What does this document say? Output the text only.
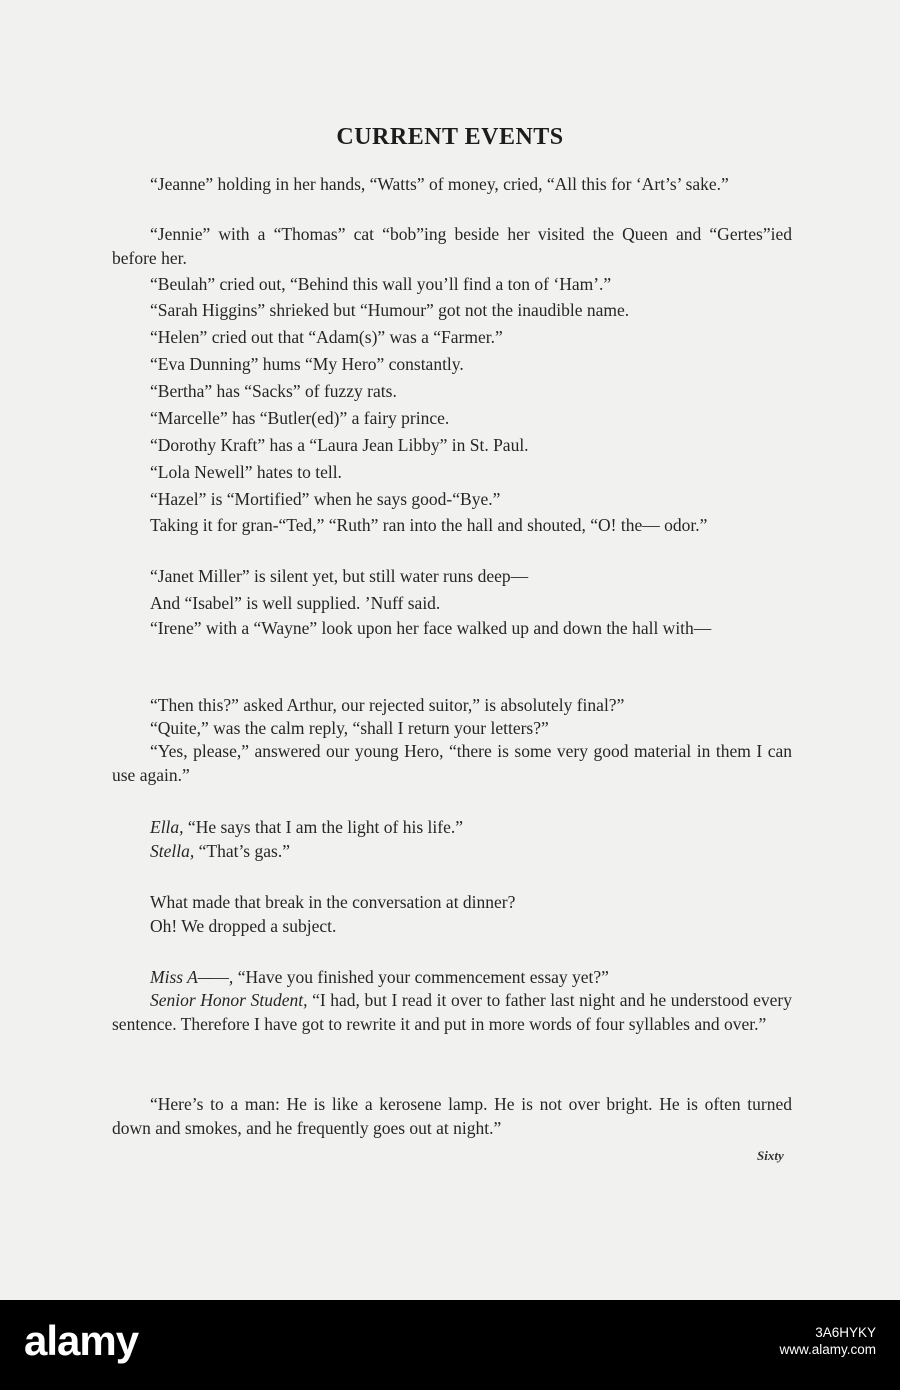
CURRENT EVENTS

“Jeanne” holding in her hands, “Watts” of money, cried, “All this for ‘Art’s’ sake.”

“Jennie” with a “Thomas” cat “bob”ing beside her visited the Queen and “Gertes”ied before her.

“Beulah” cried out, “Behind this wall you’ll find a ton of ‘Ham’.”

“Sarah Higgins” shrieked but “Humour” got not the inaudible name.

“Helen” cried out that “Adam(s)” was a “Farmer.”

“Eva Dunning” hums “My Hero” constantly.

“Bertha” has “Sacks” of fuzzy rats.

“Marcelle” has “Butler(ed)” a fairy prince.

“Dorothy Kraft” has a “Laura Jean Libby” in St. Paul.

“Lola Newell” hates to tell.

“Hazel” is “Mortified” when he says good-“Bye.”

Taking it for gran-“Ted,” “Ruth” ran into the hall and shouted, “O! the— odor.”

“Janet Miller” is silent yet, but still water runs deep—

And “Isabel” is well supplied. ’Nuff said.

“Irene” with a “Wayne” look upon her face walked up and down the hall with—

“Then this?” asked Arthur, our rejected suitor,” is absolutely final?”

“Quite,” was the calm reply, “shall I return your letters?”

“Yes, please,” answered our young Hero, “there is some very good material in them I can use again.”

Ella, “He says that I am the light of his life.”

Stella, “That’s gas.”

What made that break in the conversation at dinner?

Oh! We dropped a subject.

Miss A——, “Have you finished your commencement essay yet?”

Senior Honor Student, “I had, but I read it over to father last night and he understood every sentence. Therefore I have got to rewrite it and put in more words of four syllables and over.”

“Here’s to a man: He is like a kerosene lamp. He is not over bright. He is often turned down and smokes, and he frequently goes out at night.”

Sixty
alamy	3A6HYKY
www.alamy.com
